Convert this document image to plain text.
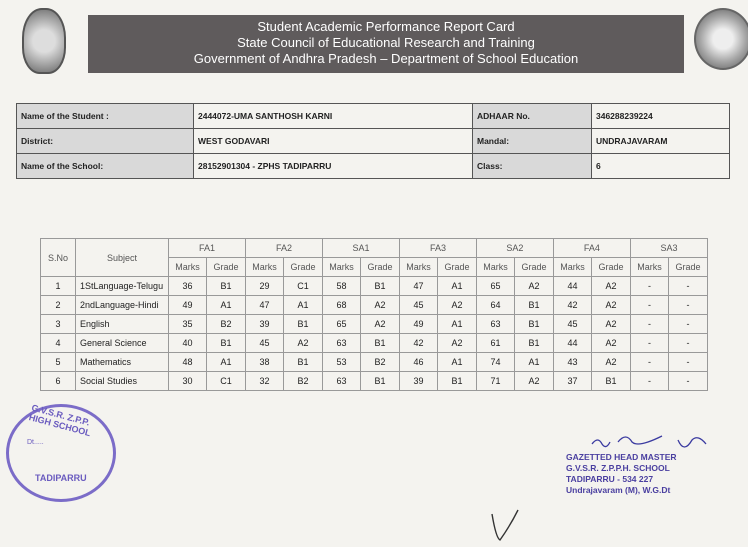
Student Academic Performance Report Card
State Council of Educational Research and Training
Government of Andhra Pradesh – Department of School Education
Name of the Student :	2444072-UMA SANTHOSH KARNI	ADHAAR No.	346288239224
District:	WEST GODAVARI	Mandal:	UNDRAJAVARAM
Name of the School:	28152901304 - ZPHS TADIPARRU	Class:	6
S.No	Subject	FA1		FA2		SA1		FA3		SA2		FA4		SA3	
		Marks	Grade	Marks	Grade	Marks	Grade	Marks	Grade	Marks	Grade	Marks	Grade	Marks	Grade
1	1StLanguage-Telugu	36	B1	29	C1	58	B1	47	A1	65	A2	44	A2	-	-
2	2ndLanguage-Hindi	49	A1	47	A1	68	A2	45	A2	64	B1	42	A2	-	-
3	English	35	B2	39	B1	65	A2	49	A1	63	B1	45	A2	-	-
4	General Science	40	B1	45	A2	63	B1	42	A2	61	B1	44	A2	-	-
5	Mathematics	48	A1	38	B1	53	B2	46	A1	74	A1	43	A2	-	-
6	Social Studies	30	C1	32	B2	63	B1	39	B1	71	A2	37	B1	-	-
G.V.S.R. Z.P.P. HIGH SCHOOL
Dt.....
TADIPARRU
GAZETTED HEAD MASTER
G.V.S.R. Z.P.P.H. SCHOOL
TADIPARRU - 534 227
Undrajavaram (M), W.G.Dt
